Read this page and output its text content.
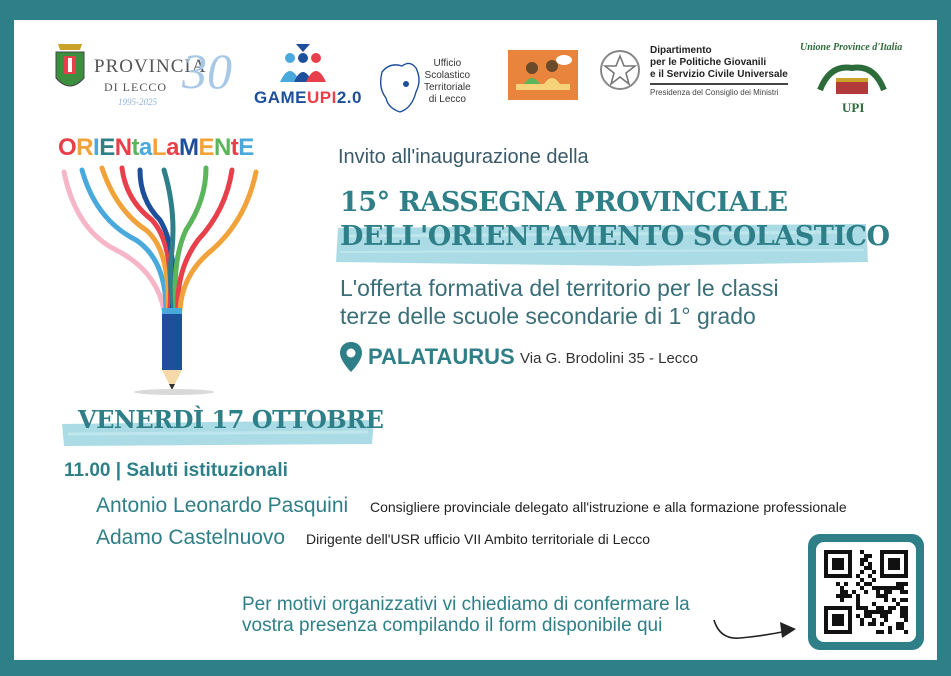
PROVINCIA
DI LECCO
1995-2025
30 GAMEUPI2.0
Ufficio
Scolastico
Territoriale
di Lecco
Dipartimento
per le Politiche Giovanili
e il Servizio Civile Universale
Presidenza del Consiglio dei Ministri
Unione Province d'Italia
UPI
ORIENtaLaMENtE	Invito all'inaugurazione della
15° RASSEGNA PROVINCIALE
DELL'ORIENTAMENTO SCOLASTICO
L'offerta formativa del territorio per le classi
terze delle scuole secondarie di 1° grado
PALATAURUS Via G. Brodolini 35 - Lecco
VENERDÌ 17 OTTOBRE
11.00 | Saluti istituzionali
Antonio Leonardo Pasquini Consigliere provinciale delegato all'istruzione e alla formazione professionale
Adamo Castelnuovo Dirigente dell'USR ufficio VII Ambito territoriale di Lecco
Per motivi organizzativi vi chiediamo di confermare la
vostra presenza compilando il form disponibile qui
